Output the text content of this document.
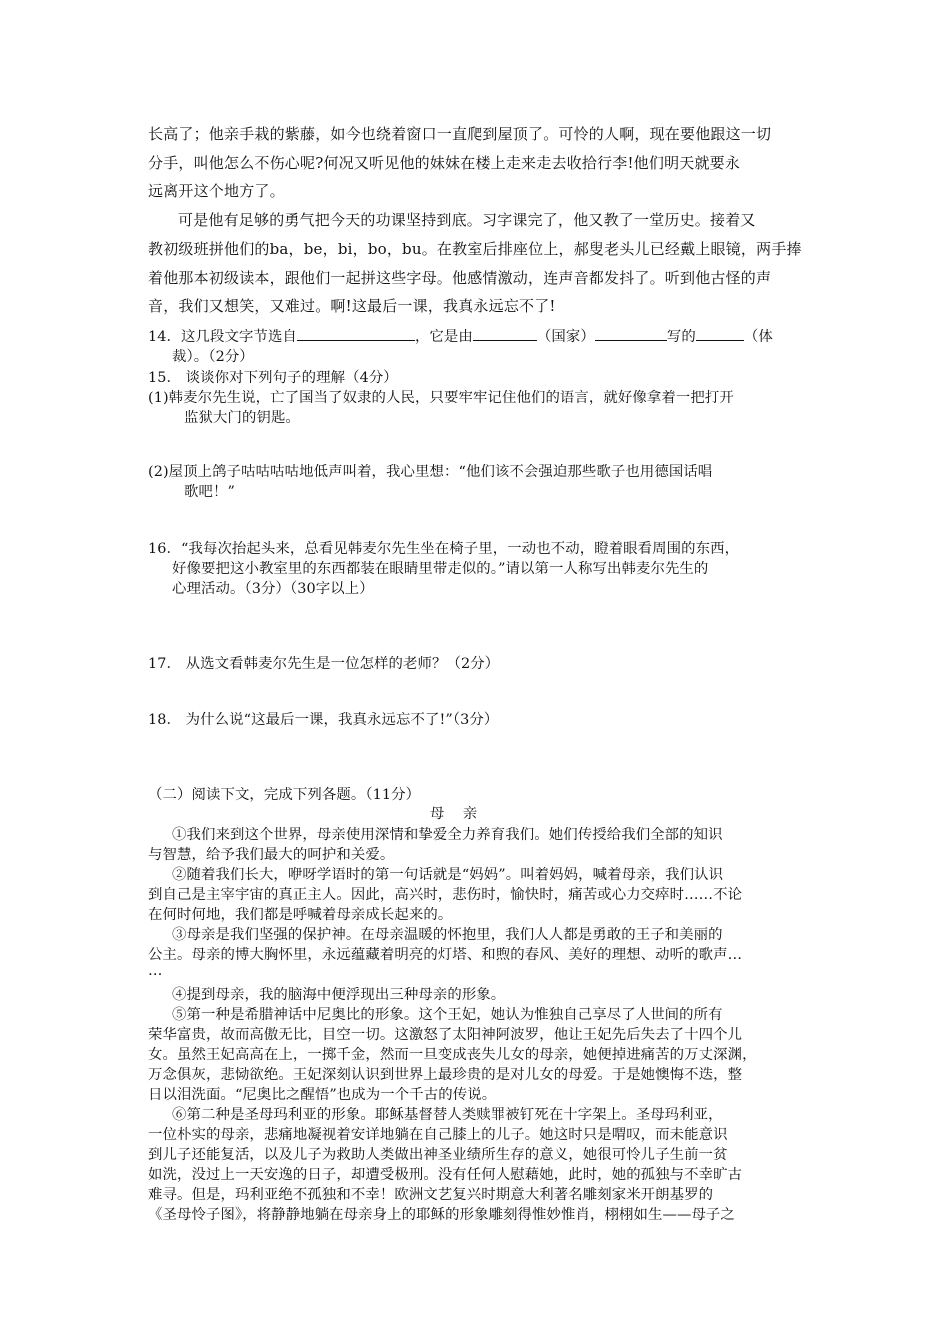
长高了；他亲手栽的紫藤，如今也绕着窗口一直爬到屋顶了。可怜的人啊，现在要他跟这一切
分手，叫他怎么不伤心呢?何况又听见他的妹妹在楼上走来走去收拾行李!他们明天就要永
远离开这个地方了。
可是他有足够的勇气把今天的功课坚持到底。习字课完了，他又教了一堂历史。接着又
教初级班拼他们的ba，be，bi，bo，bu。在教室后排座位上，郝叟老头儿已经戴上眼镜，两手捧
着他那本初级读本，跟他们一起拼这些字母。他感情激动，连声音都发抖了。听到他古怪的声
音，我们又想笑，又难过。啊!这最后一课，我真永远忘不了!
14．这几段文字节选自	，它是由	（国家）	写的	（体
裁）。（2分）
15． 谈谈你对下列句子的理解（4分）
(1)韩麦尔先生说，亡了国当了奴隶的人民，只要牢牢记住他们的语言，就好像拿着一把打开
监狱大门的钥匙。
(2)屋顶上鸽子咕咕咕咕地低声叫着，我心里想：“他们该不会强迫那些歌子也用德国话唱
歌吧！”
16．“我每次抬起头来，总看见韩麦尔先生坐在椅子里，一动也不动，瞪着眼看周围的东西，
好像要把这小教室里的东西都装在眼睛里带走似的。”请以第一人称写出韩麦尔先生的
心理活动。（3分）（30字以上）
17． 从选文看韩麦尔先生是一位怎样的老师？（2分）
18． 为什么说“这最后一课，我真永远忘不了!”（3分）
（二）阅读下文，完成下列各题。（11分）
母    亲
①我们来到这个世界，母亲使用深情和挚爱全力养育我们。她们传授给我们全部的知识
与智慧，给予我们最大的呵护和关爱。
②随着我们长大，咿呀学语时的第一句话就是“妈妈”。叫着妈妈，喊着母亲，我们认识
到自己是主宰宇宙的真正主人。因此，高兴时，悲伤时，愉快时，痛苦或心力交瘁时……不论
在何时何地，我们都是呼喊着母亲成长起来的。
③母亲是我们坚强的保护神。在母亲温暖的怀抱里，我们人人都是勇敢的王子和美丽的
公主。母亲的博大胸怀里，永远蕴藏着明亮的灯塔、和煦的春风、美好的理想、动听的歌声…
…
④提到母亲，我的脑海中便浮现出三种母亲的形象。
⑤第一种是希腊神话中尼奥比的形象。这个王妃，她认为惟独自己享尽了人世间的所有
荣华富贵，故而高傲无比，目空一切。这激怒了太阳神阿波罗，他让王妃先后失去了十四个儿
女。虽然王妃高高在上，一掷千金，然而一旦变成丧失儿女的母亲，她便掉进痛苦的万丈深渊，
万念俱灰，悲恸欲绝。王妃深刻认识到世界上最珍贵的是对儿女的母爱。于是她懊悔不迭，整
日以泪洗面。“尼奥比之醒悟”也成为一个千古的传说。
⑥第二种是圣母玛利亚的形象。耶稣基督替人类赎罪被钉死在十字架上。圣母玛利亚，
一位朴实的母亲，悲痛地凝视着安详地躺在自己膝上的儿子。她这时只是喟叹，而未能意识
到儿子还能复活，以及儿子为救助人类做出神圣业绩所生存的意义，她很可怜儿子生前一贫
如洗，没过上一天安逸的日子，却遭受极刑。没有任何人慰藉她，此时，她的孤独与不幸旷古
难寻。但是，玛利亚绝不孤独和不幸！欧洲文艺复兴时期意大利著名雕刻家米开朗基罗的
《圣母怜子图》，将静静地躺在母亲身上的耶稣的形象雕刻得惟妙惟肖，栩栩如生——母子之
